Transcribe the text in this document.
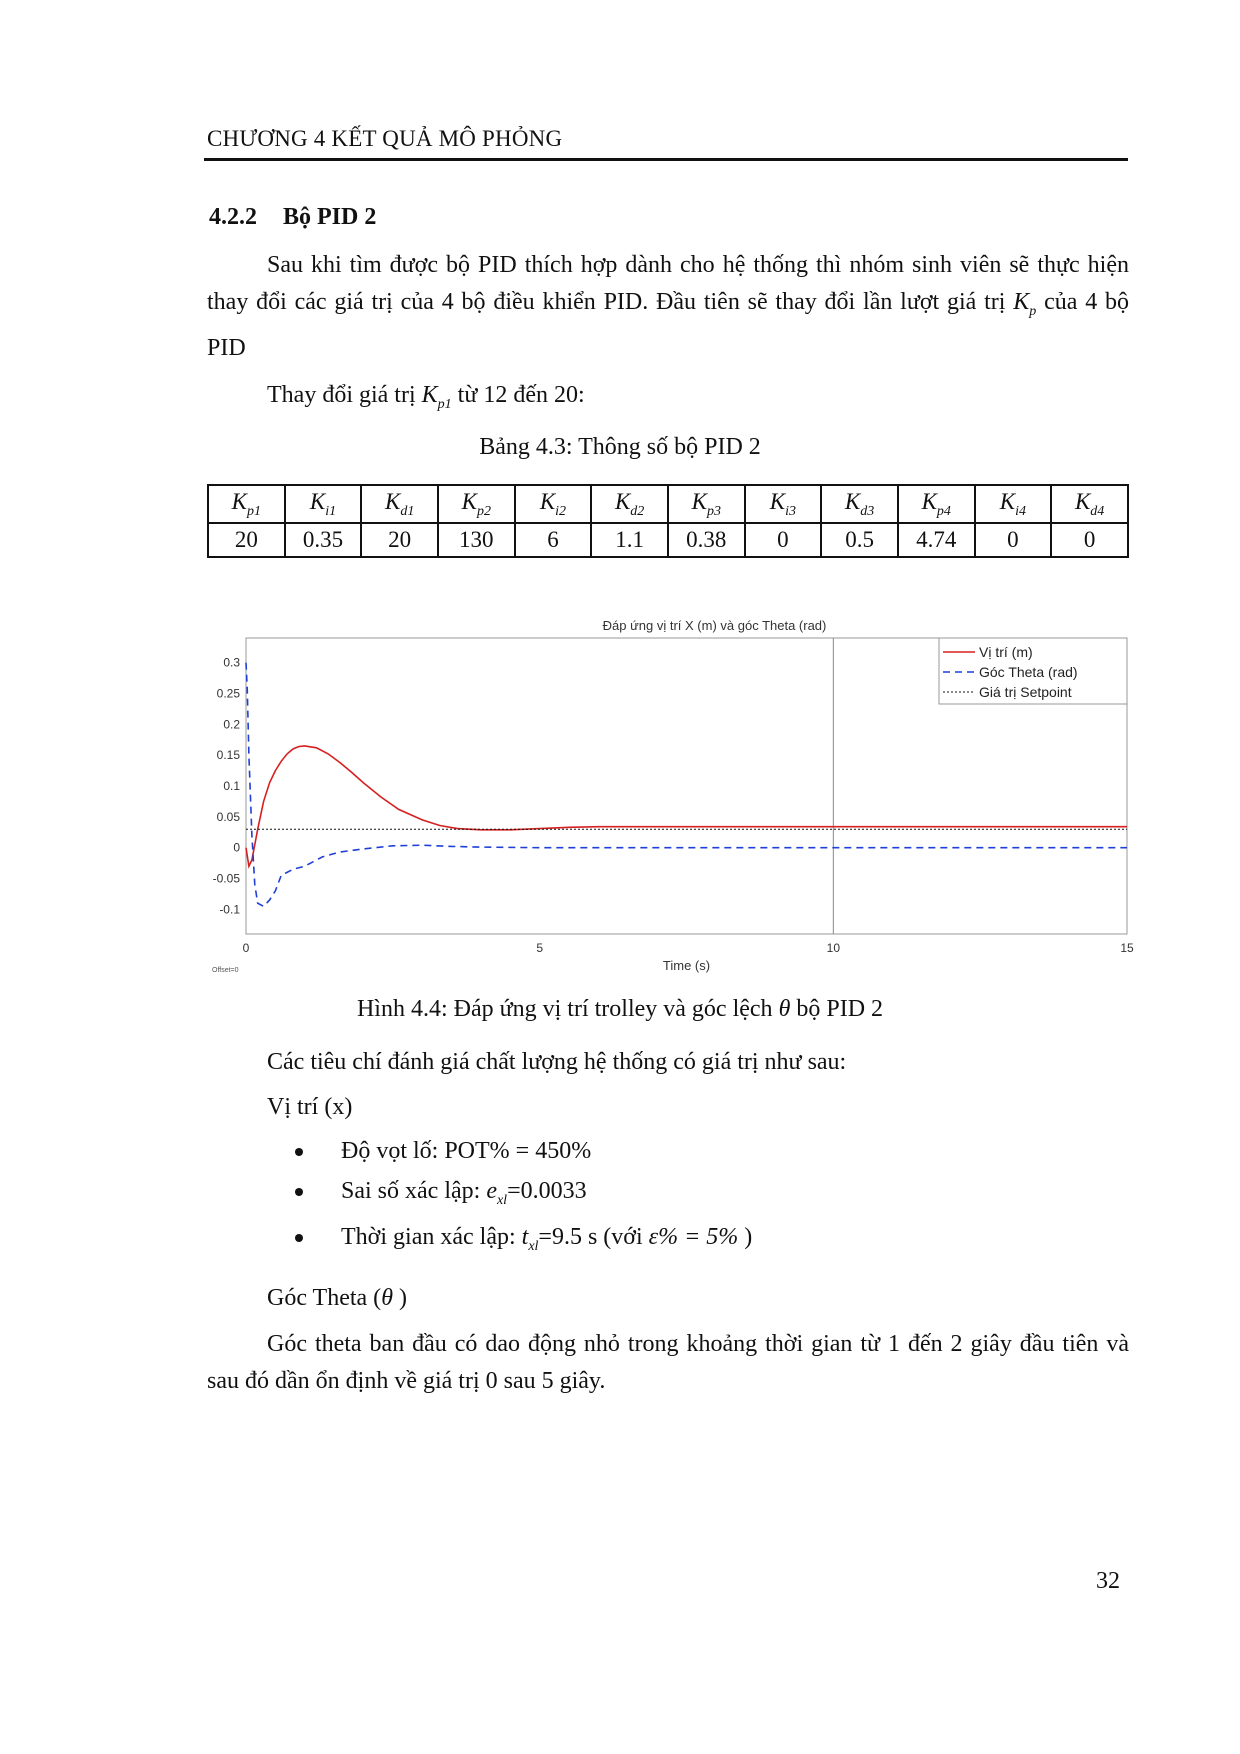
CHƯƠNG 4 KẾT QUẢ MÔ PHỎNG
4.2.2 Bộ PID 2
Sau khi tìm được bộ PID thích hợp dành cho hệ thống thì nhóm sinh viên sẽ thực hiện thay đổi các giá trị của 4 bộ điều khiển PID. Đầu tiên sẽ thay đổi lần lượt giá trị $K_p$ của 4 bộ PID
Thay đổi giá trị $K_{p1}$ từ 12 đến 20:
Bảng 4.3: Thông số bộ PID 2
$K_{p1}$	$K_{i1}$	$K_{d1}$	$K_{p2}$	$K_{i2}$	$K_{d2}$	$K_{p3}$	$K_{i3}$	$K_{d3}$	$K_{p4}$	$K_{i4}$	$K_{d4}$
20	0.35	20	130	6	1.1	0.38	0	0.5	4.74	0	0
Đáp ứng vị trí X (m) và góc Theta (rad)
0	5	10	15
0.3
0.25
0.2
0.15
0.1
0.05
0
-0.05
-0.1
Time (s)
Offset=0
Vị trí (m)
Góc Theta (rad)
Giá trị Setpoint
Hình 4.4: Đáp ứng vị trí trolley và góc lệch θ bộ PID 2
Các tiêu chí đánh giá chất lượng hệ thống có giá trị như sau:
Vị trí (x)
Độ vọt lố: POT% = 450%
Sai số xác lập: $e_{xl}=0.0033$
Thời gian xác lập: $t_{xl}=9.5$ s (với ε% = 5% )
Góc Theta (θ )
Góc theta ban đầu có dao động nhỏ trong khoảng thời gian từ 1 đến 2 giây đầu tiên và sau đó dần ổn định về giá trị 0 sau 5 giây.
32
